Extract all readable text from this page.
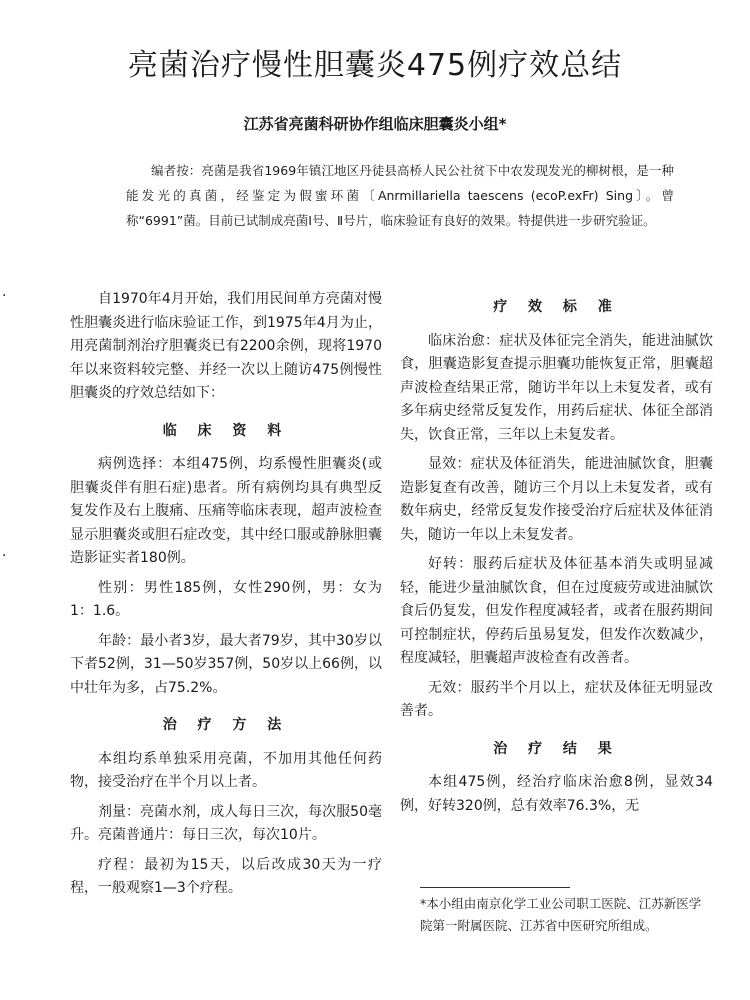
亮菌治疗慢性胆囊炎475例疗效总结
江苏省亮菌科研协作组临床胆囊炎小组*
编者按：亮菌是我省1969年镇江地区丹徒县高桥人民公社贫下中农发现发光的柳树根，是一种能发光的真菌，经鉴定为假蜜环菌〔Anrmillariella taescens (ecoP.exFr) Sing〕。曾称“6991”菌。目前已试制成亮菌Ⅰ号、Ⅱ号片，临床验证有良好的效果。特提供进一步研究验证。
·
·

自1970年4月开始，我们用民间单方亮菌对慢性胆囊炎进行临床验证工作，到1975年4月为止，用亮菌制剂治疗胆囊炎已有2200余例，现将1970年以来资料较完整、并经一次以上随访475例慢性胆囊炎的疗效总结如下：

临 床 资 料

病例选择：本组475例，均系慢性胆囊炎(或胆囊炎伴有胆石症)患者。所有病例均具有典型反复发作及右上腹痛、压痛等临床表现，超声波检查显示胆囊炎或胆石症改变，其中经口服或静脉胆囊造影证实者180例。

性别：男性185例，女性290例，男：女为1：1.6。

年龄：最小者3岁，最大者79岁，其中30岁以下者52例，31—50岁357例，50岁以上66例，以中壮年为多，占75.2%。

治 疗 方 法

本组均系单独采用亮菌，不加用其他任何药物，接受治疗在半个月以上者。

剂量：亮菌水剂，成人每日三次，每次服50毫升。亮菌普通片：每日三次，每次10片。

疗程：最初为15天，以后改成30天为一疗程，一般观察1—3个疗程。

疗 效 标 准

临床治愈：症状及体征完全消失，能进油腻饮食，胆囊造影复查提示胆囊功能恢复正常，胆囊超声波检查结果正常，随访半年以上未复发者，或有多年病史经常反复发作，用药后症状、体征全部消失，饮食正常，三年以上未复发者。

显效：症状及体征消失，能进油腻饮食，胆囊造影复查有改善，随访三个月以上未复发者，或有数年病史，经常反复发作接受治疗后症状及体征消失，随访一年以上未复发者。

好转：服药后症状及体征基本消失或明显减轻，能进少量油腻饮食，但在过度疲劳或进油腻饮食后仍复发，但发作程度减轻者，或者在服药期间可控制症状，停药后虽易复发，但发作次数减少，程度减轻，胆囊超声波检查有改善者。

无效：服药半个月以上，症状及体征无明显改善者。

治 疗 结 果

本组475例，经治疗临床治愈8例，显效34例，好转320例，总有效率76.3%，无

*本小组由南京化学工业公司职工医院、江苏新医学院第一附属医院、江苏省中医研究所组成。
